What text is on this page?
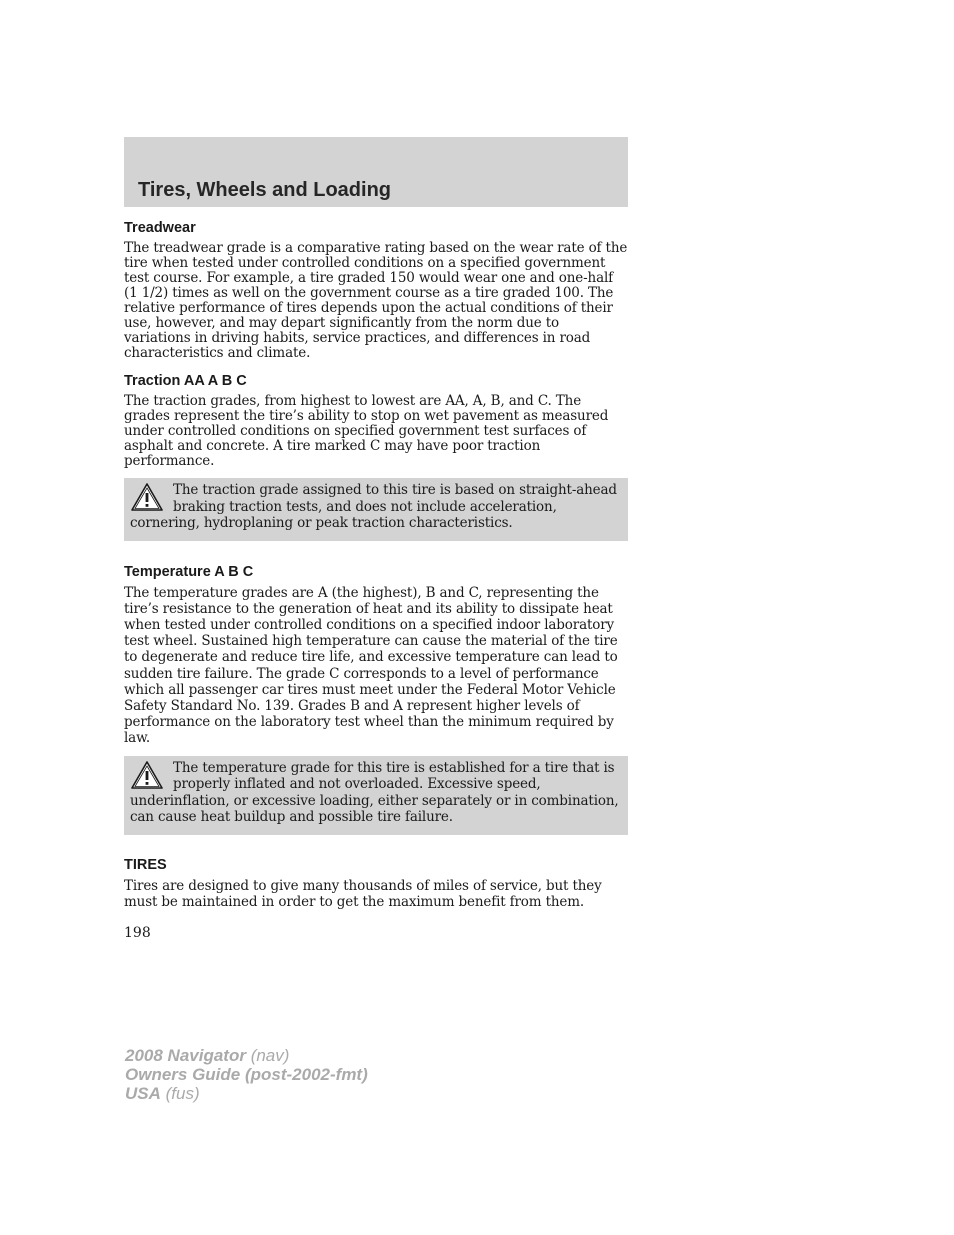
Tires, Wheels and Loading
Treadwear

The treadwear grade is a comparative rating based on the wear rate of the tire when tested under controlled conditions on a specified government test course. For example, a tire graded 150 would wear one and one-half (1 1/2) times as well on the government course as a tire graded 100. The relative performance of tires depends upon the actual conditions of their use, however, and may depart significantly from the norm due to variations in driving habits, service practices, and differences in road characteristics and climate.

Traction AA A B C

The traction grades, from highest to lowest are AA, A, B, and C. The grades represent the tire’s ability to stop on wet pavement as measured under controlled conditions on specified government test surfaces of asphalt and concrete. A tire marked C may have poor traction performance.

The traction grade assigned to this tire is based on straight-ahead braking traction tests, and does not include acceleration, cornering, hydroplaning or peak traction characteristics.
Temperature A B C

The temperature grades are A (the highest), B and C, representing the tire’s resistance to the generation of heat and its ability to dissipate heat when tested under controlled conditions on a specified indoor laboratory test wheel. Sustained high temperature can cause the material of the tire to degenerate and reduce tire life, and excessive temperature can lead to sudden tire failure. The grade C corresponds to a level of performance which all passenger car tires must meet under the Federal Motor Vehicle Safety Standard No. 139. Grades B and A represent higher levels of performance on the laboratory test wheel than the minimum required by law.

The temperature grade for this tire is established for a tire that is properly inflated and not overloaded. Excessive speed, underinflation, or excessive loading, either separately or in combination, can cause heat buildup and possible tire failure.
TIRES

Tires are designed to give many thousands of miles of service, but they must be maintained in order to get the maximum benefit from them.

198

2008 Navigator (nav)
Owners Guide (post-2002-fmt)
USA (fus)
